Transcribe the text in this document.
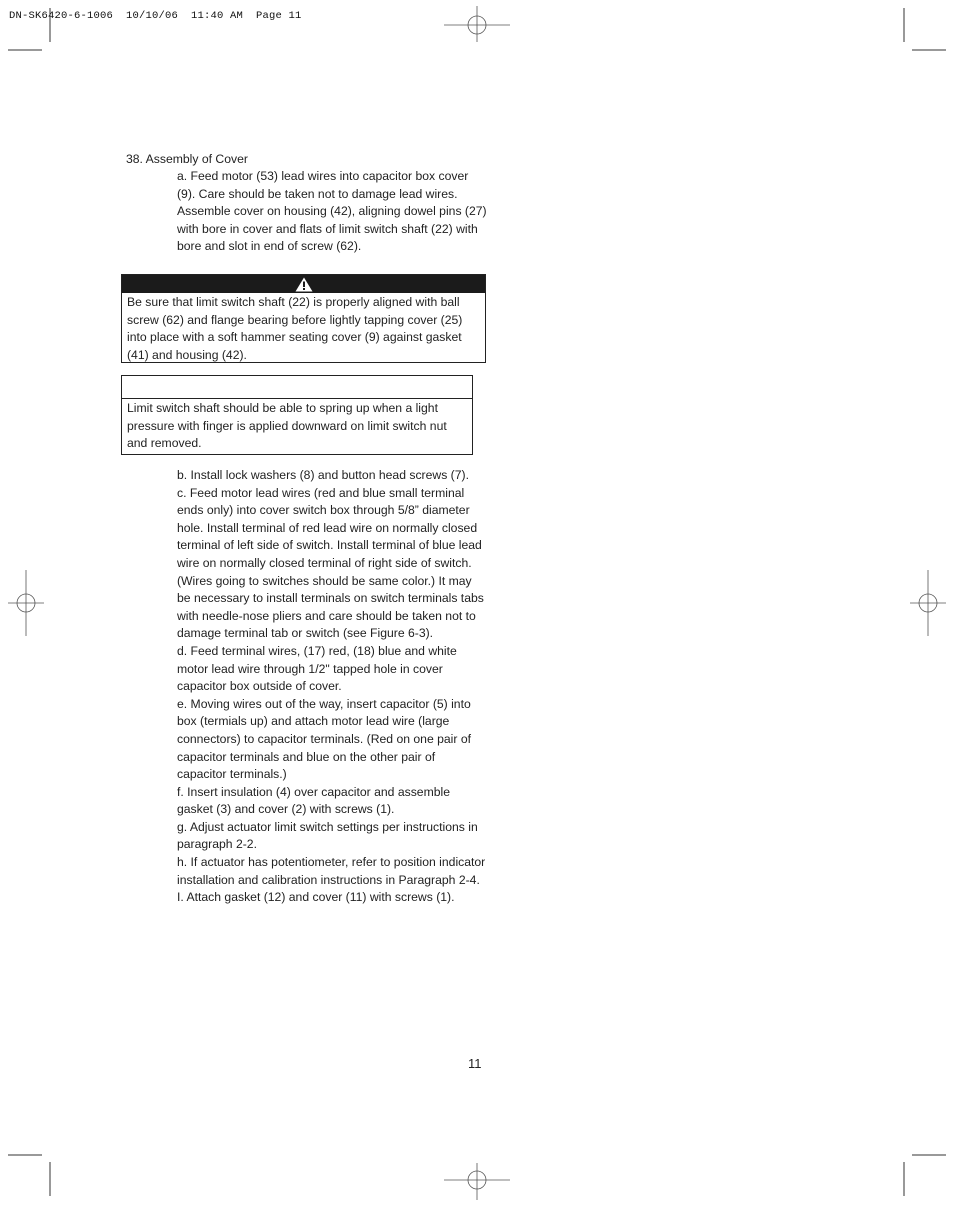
DN-SK6420-6-1006  10/10/06  11:40 AM  Page 11
38. Assembly of Cover

a. Feed motor (53) lead wires into capacitor box cover (9). Care should be taken not to damage lead wires. Assemble cover on housing (42), aligning dowel pins (27) with bore in cover and flats of limit switch shaft (22) with bore and slot in end of screw (62).

Be sure that limit switch shaft (22) is properly aligned with ball screw (62) and flange bearing before lightly tapping cover (25) into place with a soft hammer seating cover (9) against gasket (41) and housing (42).

Limit switch shaft should be able to spring up when a light pressure with finger is applied downward on limit switch nut and removed.

b. Install lock washers (8) and button head screws (7).

c. Feed motor lead wires (red and blue small terminal ends only) into cover switch box through 5/8” diameter hole. Install terminal of red lead wire on normally closed terminal of left side of switch. Install terminal of blue lead wire on normally closed terminal of right side of switch. (Wires going to switches should be same color.) It may be necessary to install terminals on switch terminals tabs with needle-nose pliers and care should be taken not to damage terminal tab or switch (see Figure 6-3).

d. Feed terminal wires, (17) red, (18) blue and white motor lead wire through 1/2" tapped hole in cover capacitor box outside of cover.

e. Moving wires out of the way, insert capacitor (5) into box (termials up) and attach motor lead wire (large connectors) to capacitor terminals. (Red on one pair of capacitor terminals and blue on the other pair of capacitor terminals.)

f. Insert insulation (4) over capacitor and assemble gasket (3) and cover (2) with screws (1).

g. Adjust actuator limit switch settings per instructions in paragraph 2-2.

h. If actuator has potentiometer, refer to position indicator installation and calibration instructions in Paragraph 2-4.

I. Attach gasket (12) and cover (11) with screws (1).

11
